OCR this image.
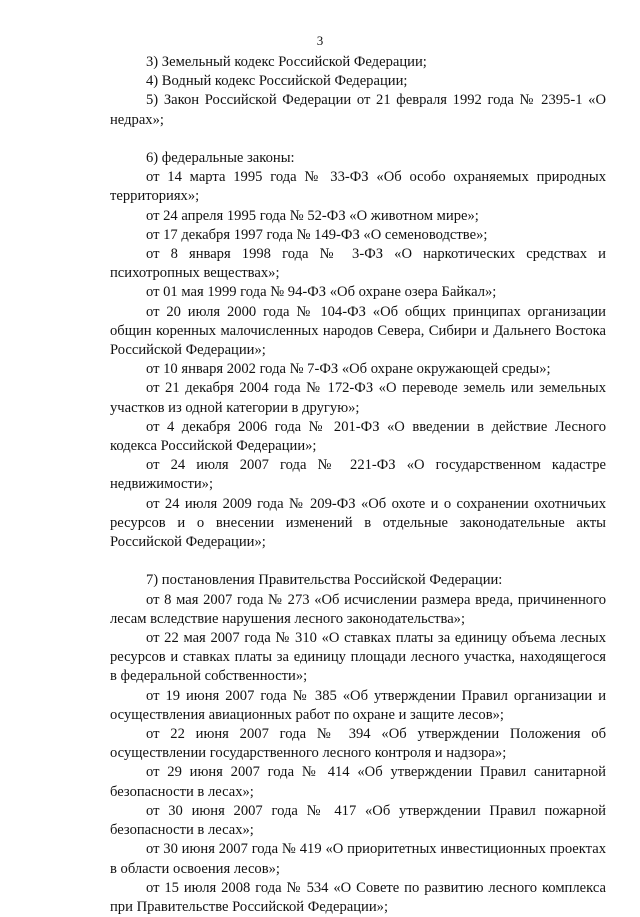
3

3) Земельный кодекс Российской Федерации;

4) Водный кодекс Российской Федерации;

5) Закон Российской Федерации от 21 февраля 1992 года № 2395-1 «О недрах»;

6) федеральные законы:

от 14 марта 1995 года № 33-ФЗ «Об особо охраняемых природных территориях»;

от 24 апреля 1995 года № 52-ФЗ «О животном мире»;

от 17 декабря 1997 года № 149-ФЗ «О семеноводстве»;

от 8 января 1998 года № 3-ФЗ «О наркотических средствах и психотропных веществах»;

от 01 мая 1999 года № 94-ФЗ «Об охране озера Байкал»;

от 20 июля 2000 года № 104-ФЗ «Об общих принципах организации общин коренных малочисленных народов Севера, Сибири и Дальнего Востока Российской Федерации»;

от 10 января 2002 года № 7-ФЗ «Об охране окружающей среды»;

от 21 декабря 2004 года № 172-ФЗ «О переводе земель или земельных участков из одной категории в другую»;

от 4 декабря 2006 года № 201-ФЗ «О введении в действие Лесного кодекса Российской Федерации»;

от 24 июля 2007 года № 221-ФЗ «О государственном кадастре недвижимости»;

от 24 июля 2009 года № 209-ФЗ «Об охоте и о сохранении охотничьих ресурсов и о внесении изменений в отдельные законодательные акты Российской Федерации»;

7) постановления Правительства Российской Федерации:

от 8 мая 2007 года № 273 «Об исчислении размера вреда, причиненного лесам вследствие нарушения лесного законодательства»;

от 22 мая 2007 года № 310 «О ставках платы за единицу объема лесных ресурсов и ставках платы за единицу площади лесного участка, находящегося в федеральной собственности»;

от 19 июня 2007 года № 385 «Об утверждении Правил организации и осуществления авиационных работ по охране и защите лесов»;

от 22 июня 2007 года № 394 «Об утверждении Положения об осуществлении государственного лесного контроля и надзора»;

от 29 июня 2007 года № 414 «Об утверждении Правил санитарной безопасности в лесах»;

от 30 июня 2007 года № 417 «Об утверждении Правил пожарной безопасности в лесах»;

от 30 июня 2007 года № 419 «О приоритетных инвестиционных проектах в области освоения лесов»;

от 15 июля 2008 года № 534 «О Совете по развитию лесного комплекса при Правительстве Российской Федерации»;
